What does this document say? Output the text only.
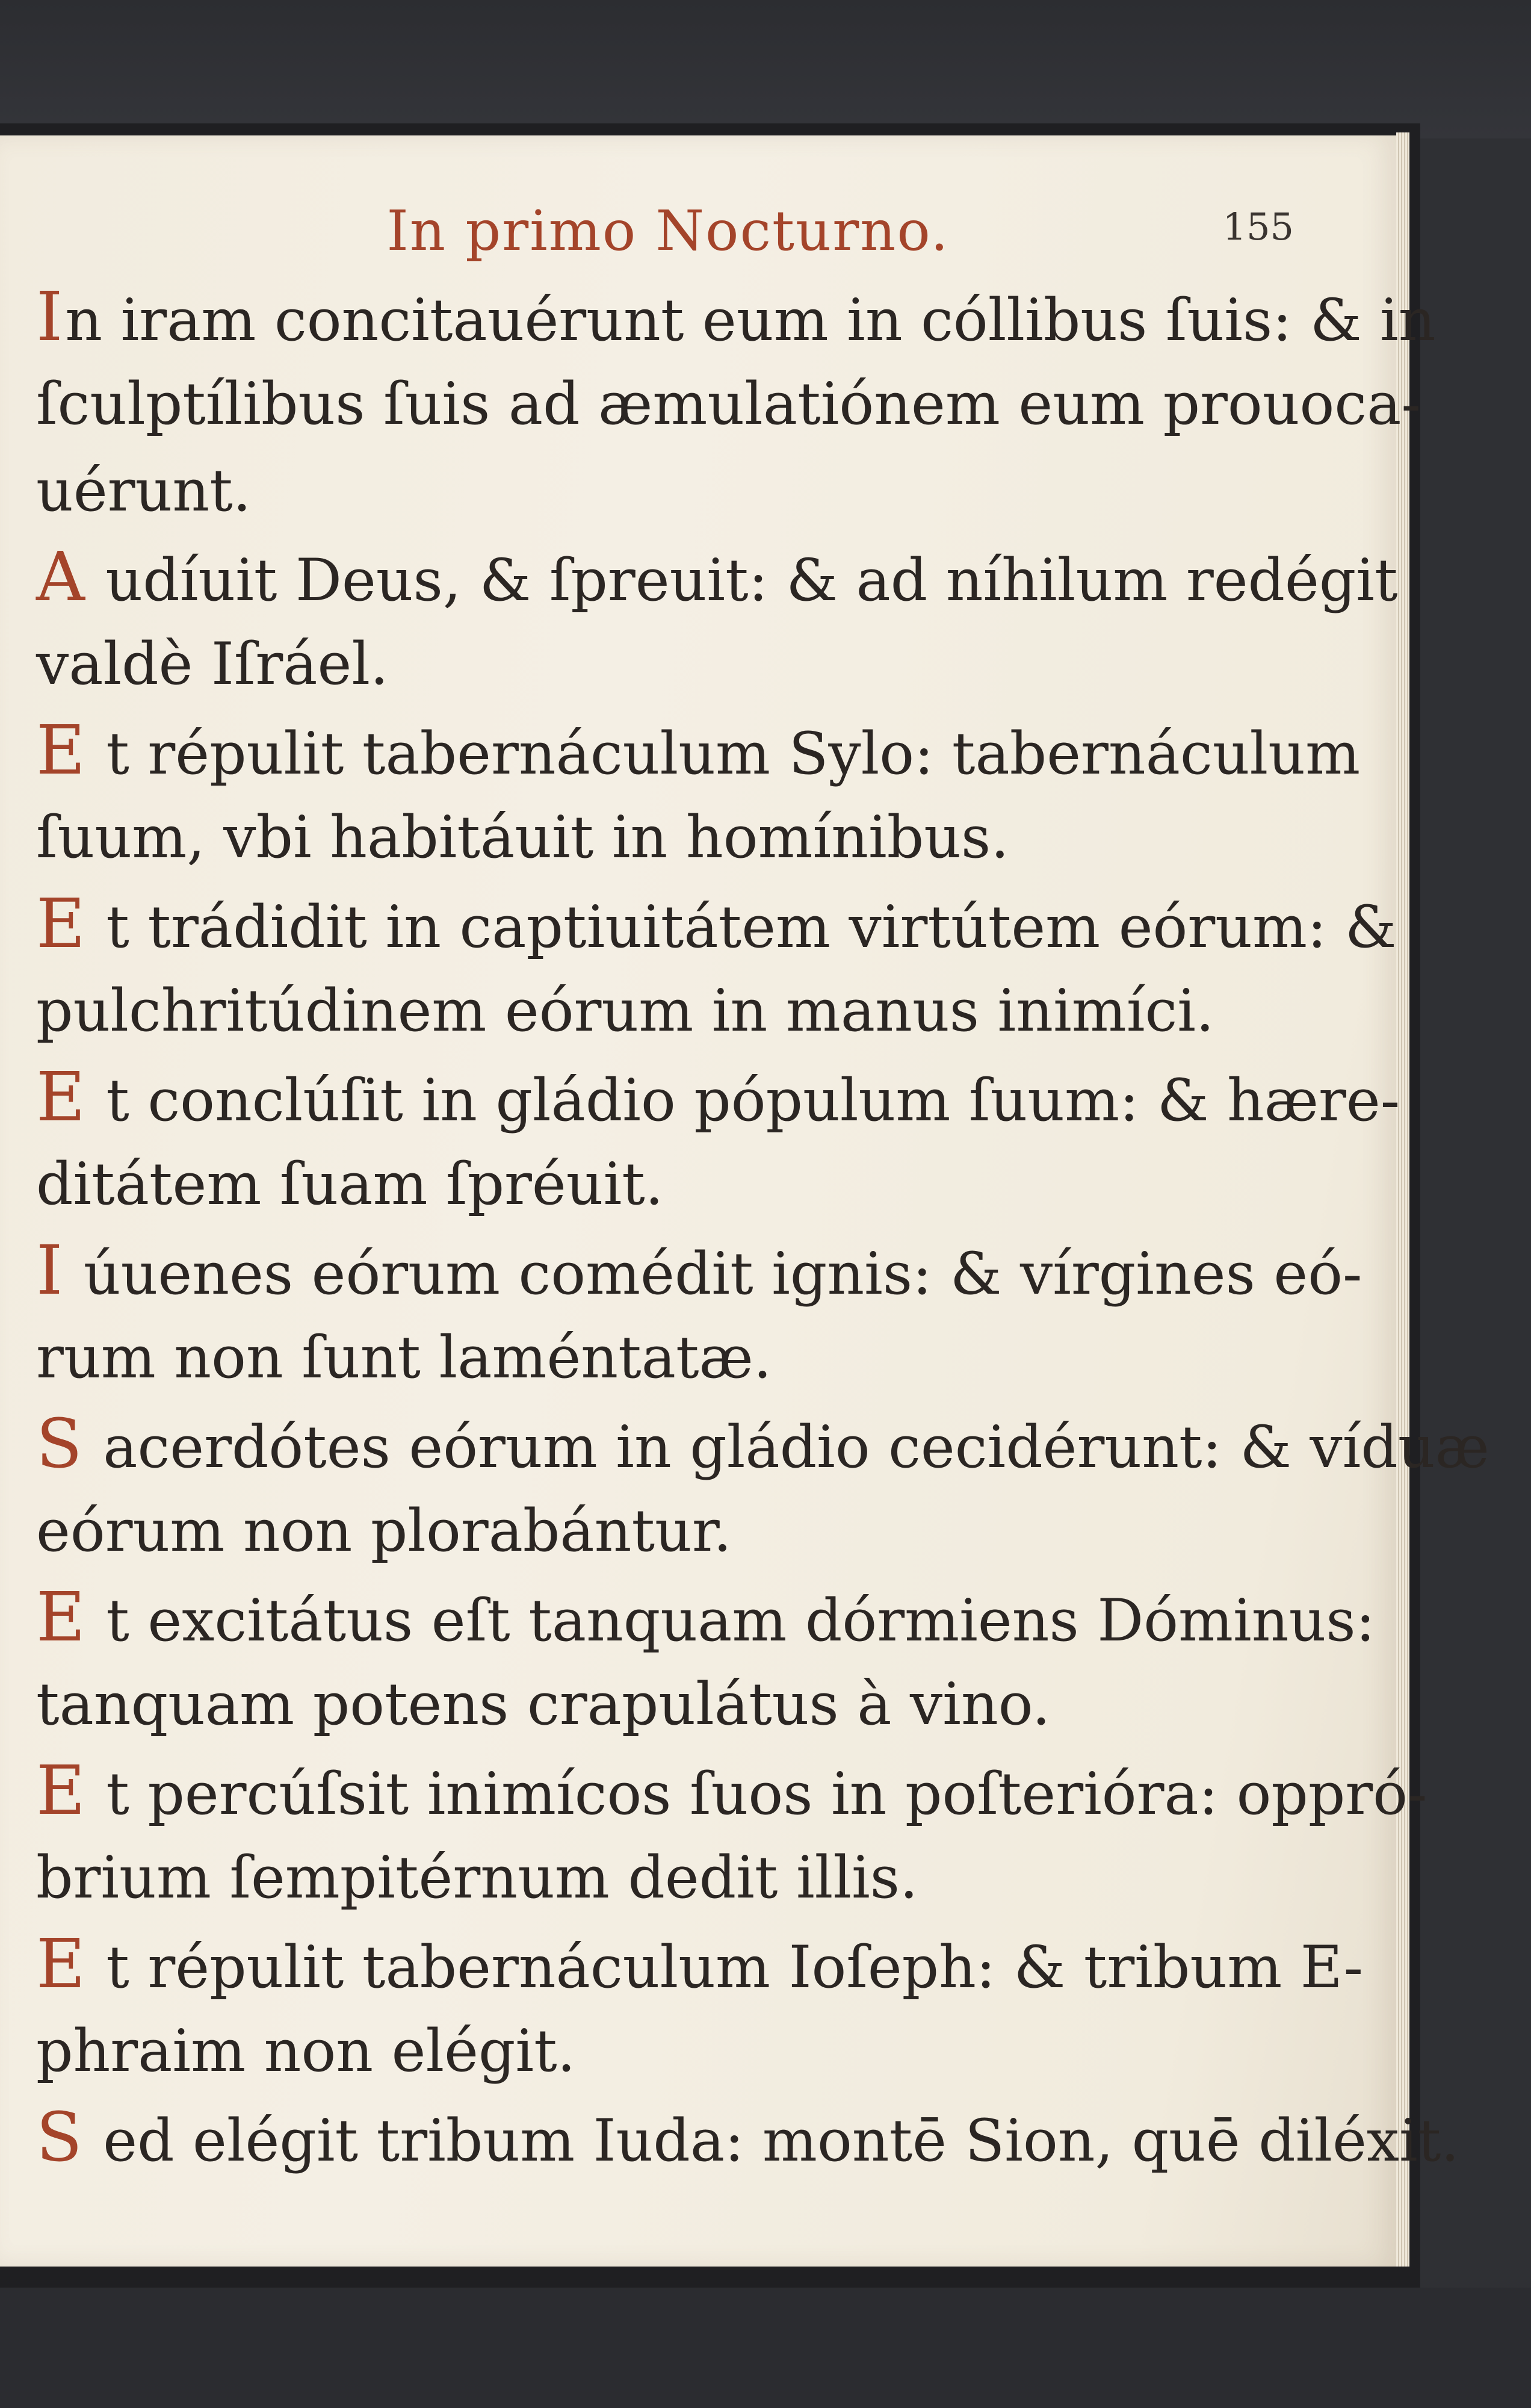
In primo Nocturno.	155
In iram concitauérunt eum in cóllibus ſuis: & in
ſculptílibus ſuis ad æmulatiónem eum prouoca-
uérunt.
A udíuit Deus, & ſpreuit: & ad níhilum redégit
valdè Iſráel.
E t répulit tabernáculum Sylo: tabernáculum
ſuum, vbi habitáuit in homínibus.
E t trádidit in captiuitátem virtútem eórum: &
pulchritúdinem eórum in manus inimíci.
E t conclúſit in gládio pópulum ſuum: & hære-
ditátem ſuam ſpréuit.
I úuenes eórum comédit ignis: & vírgines eó-
rum non ſunt laméntatæ.
S acerdótes eórum in gládio cecidérunt: & víduæ
eórum non plorabántur.
E t excitátus eſt tanquam dórmiens Dóminus:
tanquam potens crapulátus à vino.
E t percúſsit inimícos ſuos in poſterióra: oppró-
brium ſempitérnum dedit illis.
E t répulit tabernáculum Ioſeph: & tribum E-
phraim non elégit.
S ed elégit tribum Iuda: montē Sion, quē diléxit.
